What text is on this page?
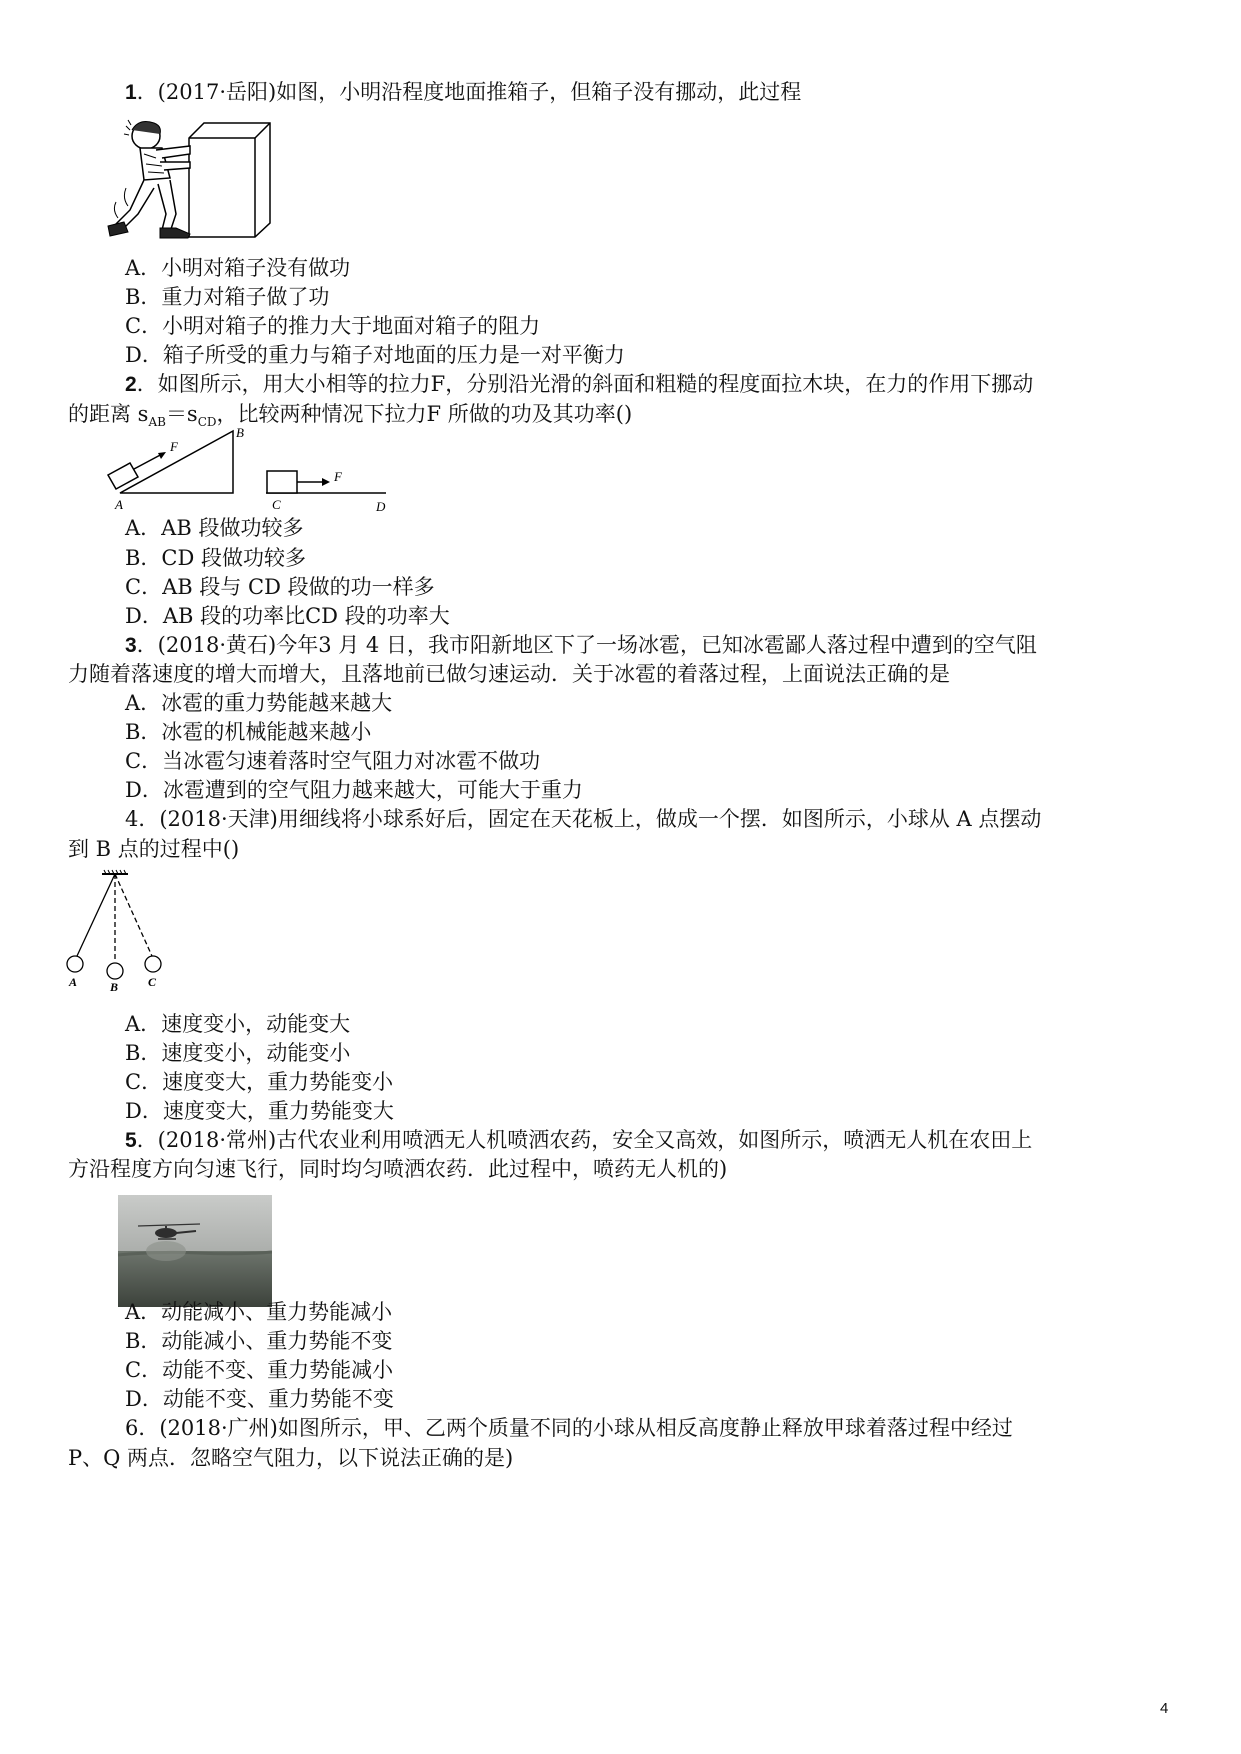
1．(2017·岳阳)如图，小明沿程度地面推箱子，但箱子没有挪动，此过程
A．小明对箱子没有做功
B．重力对箱子做了功
C．小明对箱子的推力大于地面对箱子的阻力
D．箱子所受的重力与箱子对地面的压力是一对平衡力
2．如图所示，用大小相等的拉力F，分别沿光滑的斜面和粗糙的程度面拉木块，在力的作用下挪动
的距离 $s_{AB}=s_{CD}$，比较两种情况下拉力F 所做的功及其功率()
F
A
B
F
C	D
A．AB 段做功较多
B．CD 段做功较多
C．AB 段与 CD 段做的功一样多
D．AB 段的功率比CD 段的功率大
3．(2018·黄石)今年3 月 4 日，我市阳新地区下了一场冰雹，已知冰雹鄙人落过程中遭到的空气阻
力随着落速度的增大而增大，且落地前已做匀速运动．关于冰雹的着落过程，上面说法正确的是
A．冰雹的重力势能越来越大
B．冰雹的机械能越来越小
C．当冰雹匀速着落时空气阻力对冰雹不做功
D．冰雹遭到的空气阻力越来越大，可能大于重力
4．(2018·天津)用细线将小球系好后，固定在天花板上，做成一个摆．如图所示，小球从 A 点摆动
到 B 点的过程中()
A	B C
A．速度变小，动能变大
B．速度变小，动能变小
C．速度变大，重力势能变小
D．速度变大，重力势能变大
5．(2018·常州)古代农业利用喷洒无人机喷洒农药，安全又高效，如图所示，喷洒无人机在农田上
方沿程度方向匀速飞行，同时均匀喷洒农药．此过程中，喷药无人机的)
A．动能减小、重力势能减小
B．动能减小、重力势能不变
C．动能不变、重力势能减小
D．动能不变、重力势能不变
6．(2018·广州)如图所示，甲、乙两个质量不同的小球从相反高度静止释放甲球着落过程中经过
P、Q 两点．忽略空气阻力，以下说法正确的是)
4
